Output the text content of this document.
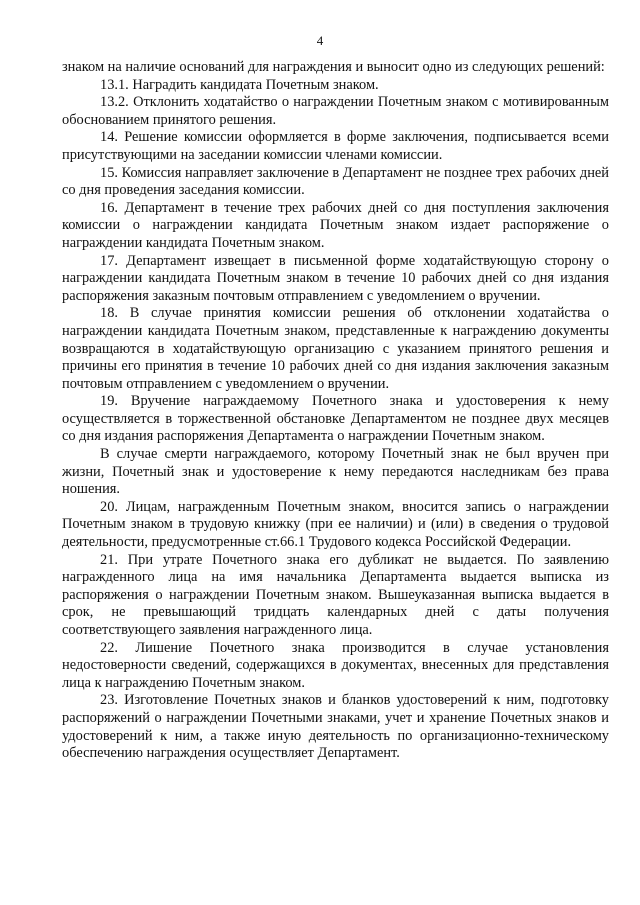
4

знаком на наличие оснований для награждения и выносит одно из следующих решений:

13.1. Наградить кандидата Почетным знаком.

13.2. Отклонить ходатайство о награждении Почетным знаком с мотивированным обоснованием принятого решения.

14. Решение комиссии оформляется в форме заключения, подписывается всеми присутствующими на заседании комиссии членами комиссии.

15. Комиссия направляет заключение в Департамент не позднее трех рабочих дней со дня проведения заседания комиссии.

16. Департамент в течение трех рабочих дней со дня поступления заключения комиссии о награждении кандидата Почетным знаком издает распоряжение о награждении кандидата Почетным знаком.

17. Департамент извещает в письменной форме ходатайствующую сторону о награждении кандидата Почетным знаком в течение 10 рабочих дней со дня издания распоряжения заказным почтовым отправлением с уведомлением о вручении.

18. В случае принятия комиссии решения об отклонении ходатайства о награждении кандидата Почетным знаком, представленные к награждению документы возвращаются в ходатайствующую организацию с указанием принятого решения и причины его принятия в течение 10 рабочих дней со дня издания заключения заказным почтовым отправлением с уведомлением о вручении.

19. Вручение награждаемому Почетного знака и удостоверения к нему осуществляется в торжественной обстановке Департаментом не позднее двух месяцев со дня издания распоряжения Департамента о награждении Почетным знаком.

В случае смерти награждаемого, которому Почетный знак не был вручен при жизни, Почетный знак и удостоверение к нему передаются наследникам без права ношения.

20. Лицам, награжденным Почетным знаком, вносится запись о награждении Почетным знаком в трудовую книжку (при ее наличии) и (или) в сведения о трудовой деятельности, предусмотренные ст.66.1 Трудового кодекса Российской Федерации.

21. При утрате Почетного знака его дубликат не выдается. По заявлению награжденного лица на имя начальника Департамента выдается выписка из распоряжения о награждении Почетным знаком. Вышеуказанная выписка выдается в срок, не превышающий тридцать календарных дней с даты получения соответствующего заявления награжденного лица.

22. Лишение Почетного знака производится в случае установления недостоверности сведений, содержащихся в документах, внесенных для представления лица к награждению Почетным знаком.

23. Изготовление Почетных знаков и бланков удостоверений к ним, подготовку распоряжений о награждении Почетными знаками, учет и хранение Почетных знаков и удостоверений к ним, а также иную деятельность по организационно-техническому обеспечению награждения осуществляет Департамент.
